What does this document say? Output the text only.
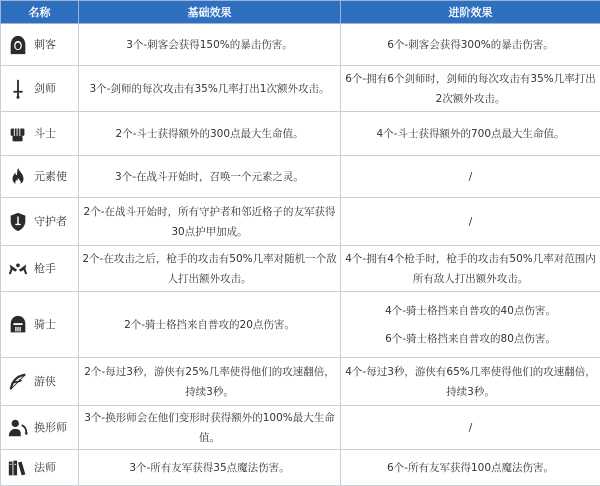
名称	基础效果	进阶效果

刺客	3个-刺客会获得150%的暴击伤害。	6个-刺客会获得300%的暴击伤害。

剑师	3个-剑师的每次攻击有35%几率打出1次额外攻击。	6个-拥有6个剑师时，剑师的每次攻击有35%几率打出2次额外攻击。

斗士	2个-斗士获得额外的300点最大生命值。	4个-斗士获得额外的700点最大生命值。

元素使	3个-在战斗开始时，召唤一个元素之灵。	/

守护者	2个-在战斗开始时，所有守护者和邻近格子的友军获得30点护甲加成。	/

枪手	2个-在攻击之后，枪手的攻击有50%几率对随机一个敌人打出额外攻击。	4个-拥有4个枪手时，枪手的攻击有50%几率对范围内所有敌人打出额外攻击。

骑士	2个-骑士格挡来自普攻的20点伤害。	4个-骑士格挡来自普攻的40点伤害。
6个-骑士格挡来自普攻的80点伤害。

游侠	2个-每过3秒，游侠有25%几率使得他们的攻速翻倍，持续3秒。	4个-每过3秒，游侠有65%几率使得他们的攻速翻倍，持续3秒。

换形师	3个-换形师会在他们变形时获得额外的100%最大生命值。	/

法师	3个-所有友军获得35点魔法伤害。	6个-所有友军获得100点魔法伤害。
